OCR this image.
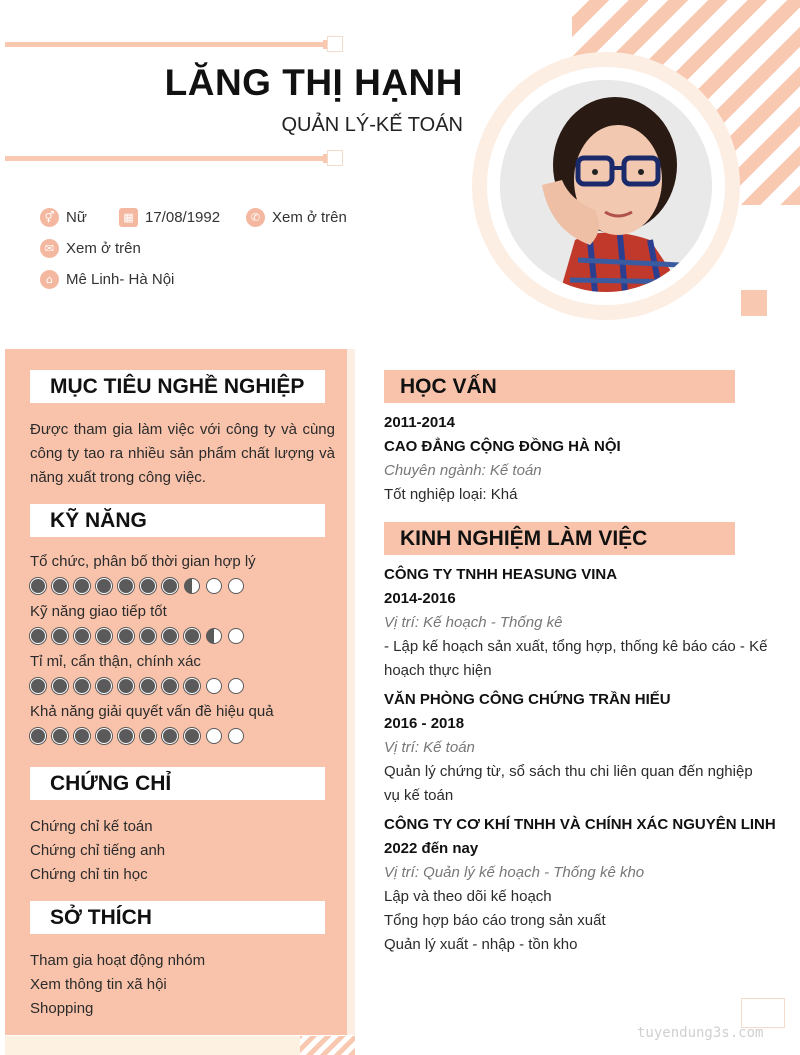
LĂNG THỊ HẠNH
QUẢN LÝ-KẾ TOÁN
⚥ Nữ	▦ 17/08/1992	✆ Xem ở trên
✉ Xem ở trên
⌂ Mê Linh- Hà Nội
MỤC TIÊU NGHỀ NGHIỆP
Được tham gia làm việc với công ty và cùng công ty tao ra nhiều sản phẩm chất lượng và năng xuất trong công việc.
KỸ NĂNG
Tổ chức, phân bố thời gian hợp lý
Kỹ năng giao tiếp tốt
Tỉ mỉ, cẩn thận, chính xác
Khả năng giải quyết vấn đề hiệu quả
CHỨNG CHỈ
Chứng chỉ kế toán
Chứng chỉ tiếng anh
Chứng chỉ tin học
SỞ THÍCH
Tham gia hoạt động nhóm
Xem thông tin xã hội
Shopping
HỌC VẤN
2011-2014
CAO ĐẲNG CỘNG ĐỒNG HÀ NỘI
Chuyên ngành: Kế toán
Tốt nghiệp loại: Khá
KINH NGHIỆM LÀM VIỆC
CÔNG TY TNHH HEASUNG VINA
2014-2016
Vị trí: Kế hoạch - Thống kê
- Lập kế hoạch sản xuất, tổng hợp, thống kê báo cáo - Kế hoạch thực hiện
VĂN PHÒNG CÔNG CHỨNG TRẦN HIẾU
2016 - 2018
Vị trí: Kế toán
Quản lý chứng từ, sổ sách thu chi liên quan đến nghiệp vụ kế toán
CÔNG TY CƠ KHÍ TNHH VÀ CHÍNH XÁC NGUYÊN LINH
2022 đến nay
Vị trí: Quản lý kế hoạch - Thống kê kho
Lập và theo dõi kế hoạch
Tổng hợp báo cáo trong sản xuất
Quản lý xuất - nhập - tồn kho
tuyendung3s.com
